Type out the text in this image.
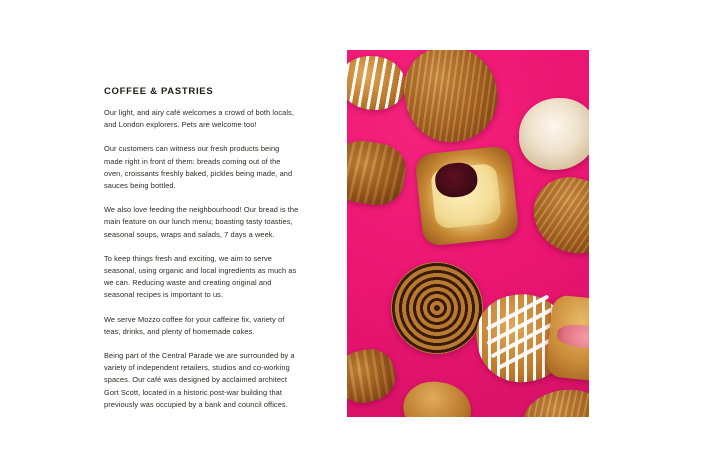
COFFEE & PASTRIES

Our light, and airy café welcomes a crowd of both locals, and London explorers. Pets are welcome too!

Our customers can witness our fresh products being made right in front of them: breads coming out of the oven, croissants freshly baked, pickles being made, and sauces being bottled.

We also love feeding the neighbourhood! Our bread is the main feature on our lunch menu; boasting tasty toasties, seasonal soups, wraps and salads, 7 days a week.

To keep things fresh and exciting, we aim to serve seasonal, using organic and local ingredients as much as we can. Reducing waste and creating original and seasonal recipes is important to us.

We serve Mozzo coffee for your caffeine fix, variety of teas, drinks, and plenty of homemade cakes.

Being part of the Central Parade we are surrounded by a variety of independent retailers, studios and co-working spaces. Our café was designed by acclaimed architect Gort Scott, located in a historic post-war building that previously was occupied by a bank and council offices.
